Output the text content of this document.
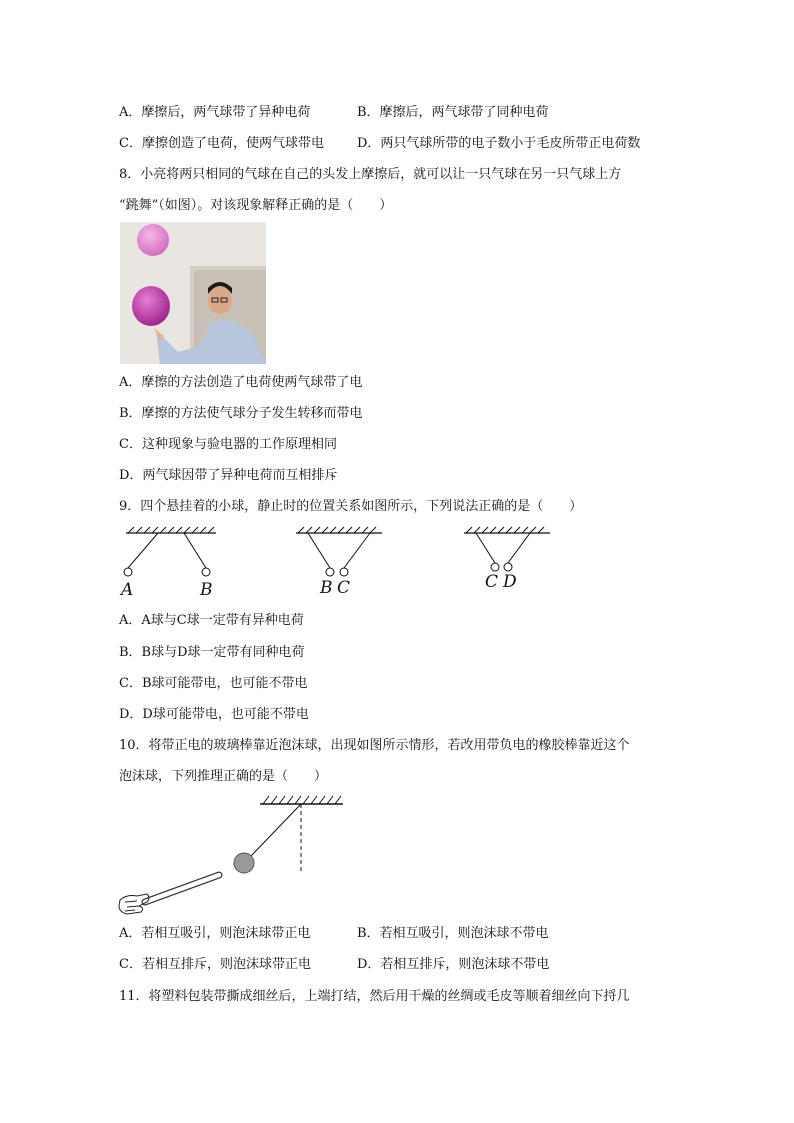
A．摩擦后，两气球带了异种电荷	B．摩擦后，两气球带了同种电荷
C．摩擦创造了电荷，使两气球带电	D．两只气球所带的电子数小于毛皮所带正电荷数
8．小亮将两只相同的气球在自己的头发上摩擦后，就可以让一只气球在另一只气球上方
“跳舞”（如图）。对该现象解释正确的是（　　）
A．摩擦的方法创造了电荷使两气球带了电
B．摩擦的方法使气球分子发生转移而带电
C．这种现象与验电器的工作原理相同
D．两气球因带了异种电荷而互相排斥
9．四个悬挂着的小球，静止时的位置关系如图所示，下列说法正确的是（　　）
A	B	B C	C D
A．A球与C球一定带有异种电荷
B．B球与D球一定带有同种电荷
C．B球可能带电，也可能不带电
D．D球可能带电，也可能不带电
10．将带正电的玻璃棒靠近泡沫球，出现如图所示情形，若改用带负电的橡胶棒靠近这个
泡沫球，下列推理正确的是（　　）
A．若相互吸引，则泡沫球带正电	B．若相互吸引，则泡沫球不带电
C．若相互排斥，则泡沫球带正电	D．若相互排斥，则泡沫球不带电
11．将塑料包装带撕成细丝后，上端打结，然后用干燥的丝绸或毛皮等顺着细丝向下捋几
